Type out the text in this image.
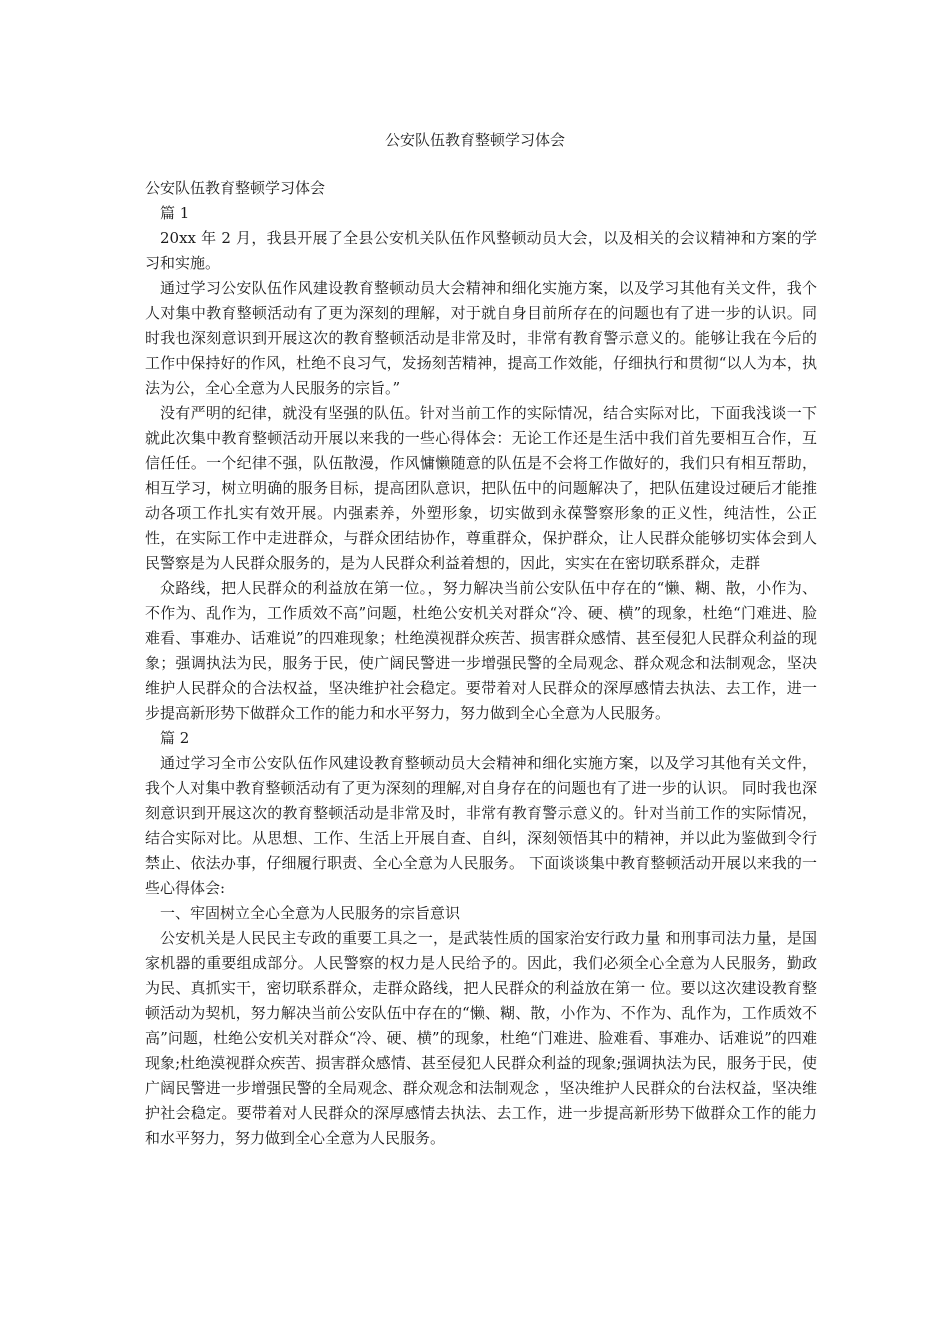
公安队伍教育整顿学习体会

公安队伍教育整顿学习体会

篇 1

20xx 年 2 月，我县开展了全县公安机关队伍作风整顿动员大会，以及相关的会议精神和方案的学习和实施。

通过学习公安队伍作风建设教育整顿动员大会精神和细化实施方案，以及学习其他有关文件，我个人对集中教育整顿活动有了更为深刻的理解，对于就自身目前所存在的问题也有了进一步的认识。同时我也深刻意识到开展这次的教育整顿活动是非常及时，非常有教育警示意义的。能够让我在今后的工作中保持好的作风，杜绝不良习气，发扬刻苦精神，提高工作效能，仔细执行和贯彻“以人为本，执法为公，全心全意为人民服务的宗旨。”

没有严明的纪律，就没有坚强的队伍。针对当前工作的实际情况，结合实际对比，下面我浅谈一下就此次集中教育整顿活动开展以来我的一些心得体会：无论工作还是生活中我们首先要相互合作，互信任任。一个纪律不强，队伍散漫，作风慵懒随意的队伍是不会将工作做好的，我们只有相互帮助，相互学习，树立明确的服务目标，提高团队意识，把队伍中的问题解决了，把队伍建设过硬后才能推动各项工作扎实有效开展。内强素养，外塑形象，切实做到永葆警察形象的正义性，纯洁性，公正性，在实际工作中走进群众，与群众团结协作，尊重群众，保护群众，让人民群众能够切实体会到人民警察是为人民群众服务的，是为人民群众利益着想的，因此，实实在在密切联系群众，走群

众路线，把人民群众的利益放在第一位。，努力解决当前公安队伍中存在的“懒、糊、散，小作为、不作为、乱作为，工作质效不高”问题，杜绝公安机关对群众“冷、硬、横”的现象，杜绝“门难进、脸难看、事难办、话难说”的四难现象；杜绝漠视群众疾苦、损害群众感情、甚至侵犯人民群众利益的现象；强调执法为民，服务于民，使广阔民警进一步增强民警的全局观念、群众观念和法制观念，坚决维护人民群众的合法权益，坚决维护社会稳定。要带着对人民群众的深厚感情去执法、去工作，进一步提高新形势下做群众工作的能力和水平努力，努力做到全心全意为人民服务。

篇 2

通过学习全市公安队伍作风建设教育整顿动员大会精神和细化实施方案，以及学习其他有关文件，我个人对集中教育整顿活动有了更为深刻的理解,对自身存在的问题也有了进一步的认识。 同时我也深刻意识到开展这次的教育整顿活动是非常及时，非常有教育警示意义的。针对当前工作的实际情况，结合实际对比。从思想、工作、生活上开展自查、自纠，深刻领悟其中的精神，并以此为鉴做到令行禁止、依法办事，仔细履行职责、全心全意为人民服务。 下面谈谈集中教育整顿活动开展以来我的一些心得体会:

一、牢固树立全心全意为人民服务的宗旨意识

公安机关是人民民主专政的重要工具之一，是武装性质的国家治安行政力量 和刑事司法力量，是国家机器的重要组成部分。人民警察的权力是人民给予的。因此，我们必须全心全意为人民服务，勤政为民、真抓实干，密切联系群众，走群众路线，把人民群众的利益放在第一 位。要以这次建设教育整顿活动为契机，努力解决当前公安队伍中存在的“懒、糊、散，小作为、不作为、乱作为，工作质效不高”问题，杜绝公安机关对群众“冷、硬、横”的现象，杜绝“门难进、脸难看、事难办、话难说”的四难现象;杜绝漠视群众疾苦、损害群众感情、甚至侵犯人民群众利益的现象;强调执法为民，服务于民，使广阔民警进一步增强民警的全局观念、群众观念和法制观念 ，坚决维护人民群众的台法权益，坚决维护社会稳定。要带着对人民群众的深厚感情去执法、去工作，进一步提高新形势下做群众工作的能力和水平努力，努力做到全心全意为人民服务。
